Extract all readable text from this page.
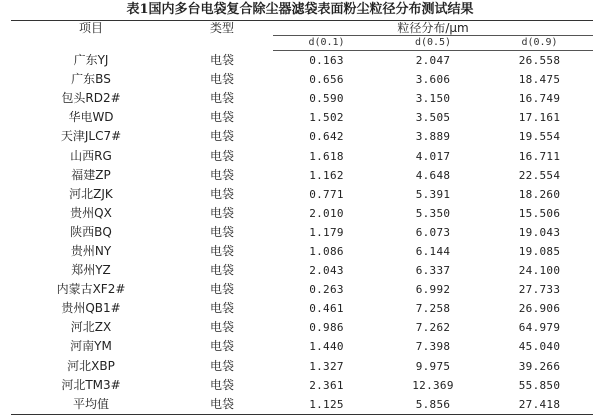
表1国内多台电袋复合除尘器滤袋表面粉尘粒径分布测试结果
项目	类型	粒径分布/μm		
		d(0.1)	d(0.5)	d(0.9)
广东YJ	电袋	0.163	2.047	26.558
广东BS	电袋	0.656	3.606	18.475
包头RD2#	电袋	0.590	3.150	16.749
华电WD	电袋	1.502	3.505	17.161
天津JLC7#	电袋	0.642	3.889	19.554
山西RG	电袋	1.618	4.017	16.711
福建ZP	电袋	1.162	4.648	22.554
河北ZJK	电袋	0.771	5.391	18.260
贵州QX	电袋	2.010	5.350	15.506
陕西BQ	电袋	1.179	6.073	19.043
贵州NY	电袋	1.086	6.144	19.085
郑州YZ	电袋	2.043	6.337	24.100
内蒙古XF2#	电袋	0.263	6.992	27.733
贵州QB1#	电袋	0.461	7.258	26.906
河北ZX	电袋	0.986	7.262	64.979
河南YM	电袋	1.440	7.398	45.040
河北XBP	电袋	1.327	9.975	39.266
河北TM3#	电袋	2.361	12.369	55.850
平均值	电袋	1.125	5.856	27.418
